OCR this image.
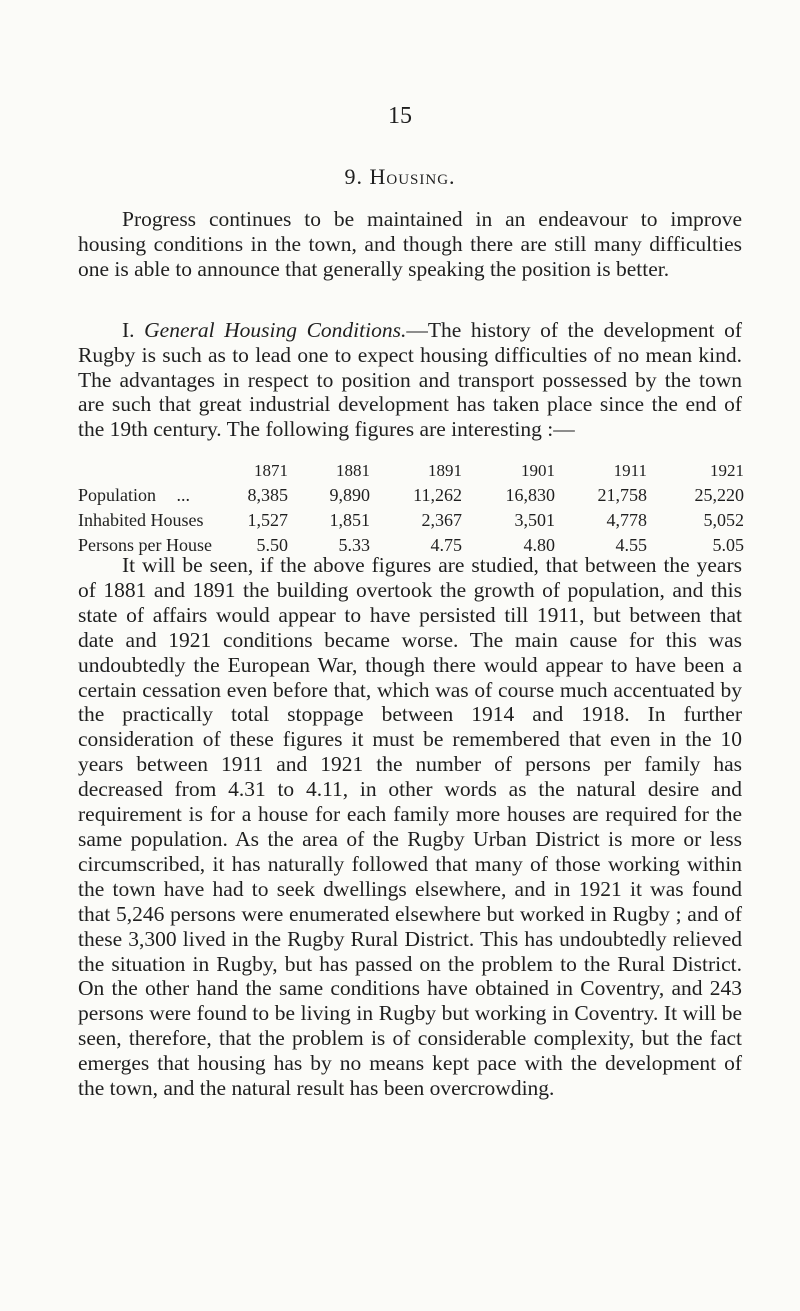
15
9. Housing.

Progress continues to be maintained in an endeavour to improve housing conditions in the town, and though there are still many difficulties one is able to announce that generally speaking the position is better.

I. General Housing Conditions.—The history of the development of Rugby is such as to lead one to expect housing difficulties of no mean kind. The advantages in respect to position and transport possessed by the town are such that great industrial development has taken place since the end of the 19th century. The following figures are interesting :—

	1871	1881	1891	1901	1911	1921
Population ...	8,385	9,890	11,262	16,830	21,758	25,220
Inhabited Houses	1,527	1,851	2,367	3,501	4,778	5,052
Persons per House	5.50	5.33	4.75	4.80	4.55	5.05

It will be seen, if the above figures are studied, that between the years of 1881 and 1891 the building overtook the growth of population, and this state of affairs would appear to have persisted till 1911, but between that date and 1921 conditions became worse. The main cause for this was undoubtedly the European War, though there would appear to have been a certain cessation even before that, which was of course much accentuated by the practically total stoppage between 1914 and 1918. In further consideration of these figures it must be remembered that even in the 10 years between 1911 and 1921 the number of persons per family has decreased from 4.31 to 4.11, in other words as the natural desire and requirement is for a house for each family more houses are required for the same population. As the area of the Rugby Urban District is more or less circumscribed, it has naturally followed that many of those working within the town have had to seek dwellings elsewhere, and in 1921 it was found that 5,246 persons were enumerated elsewhere but worked in Rugby ; and of these 3,300 lived in the Rugby Rural District. This has undoubtedly relieved the situation in Rugby, but has passed on the problem to the Rural District. On the other hand the same conditions have obtained in Coventry, and 243 persons were found to be living in Rugby but working in Coventry. It will be seen, therefore, that the problem is of considerable complexity, but the fact emerges that housing has by no means kept pace with the development of the town, and the natural result has been overcrowding.
